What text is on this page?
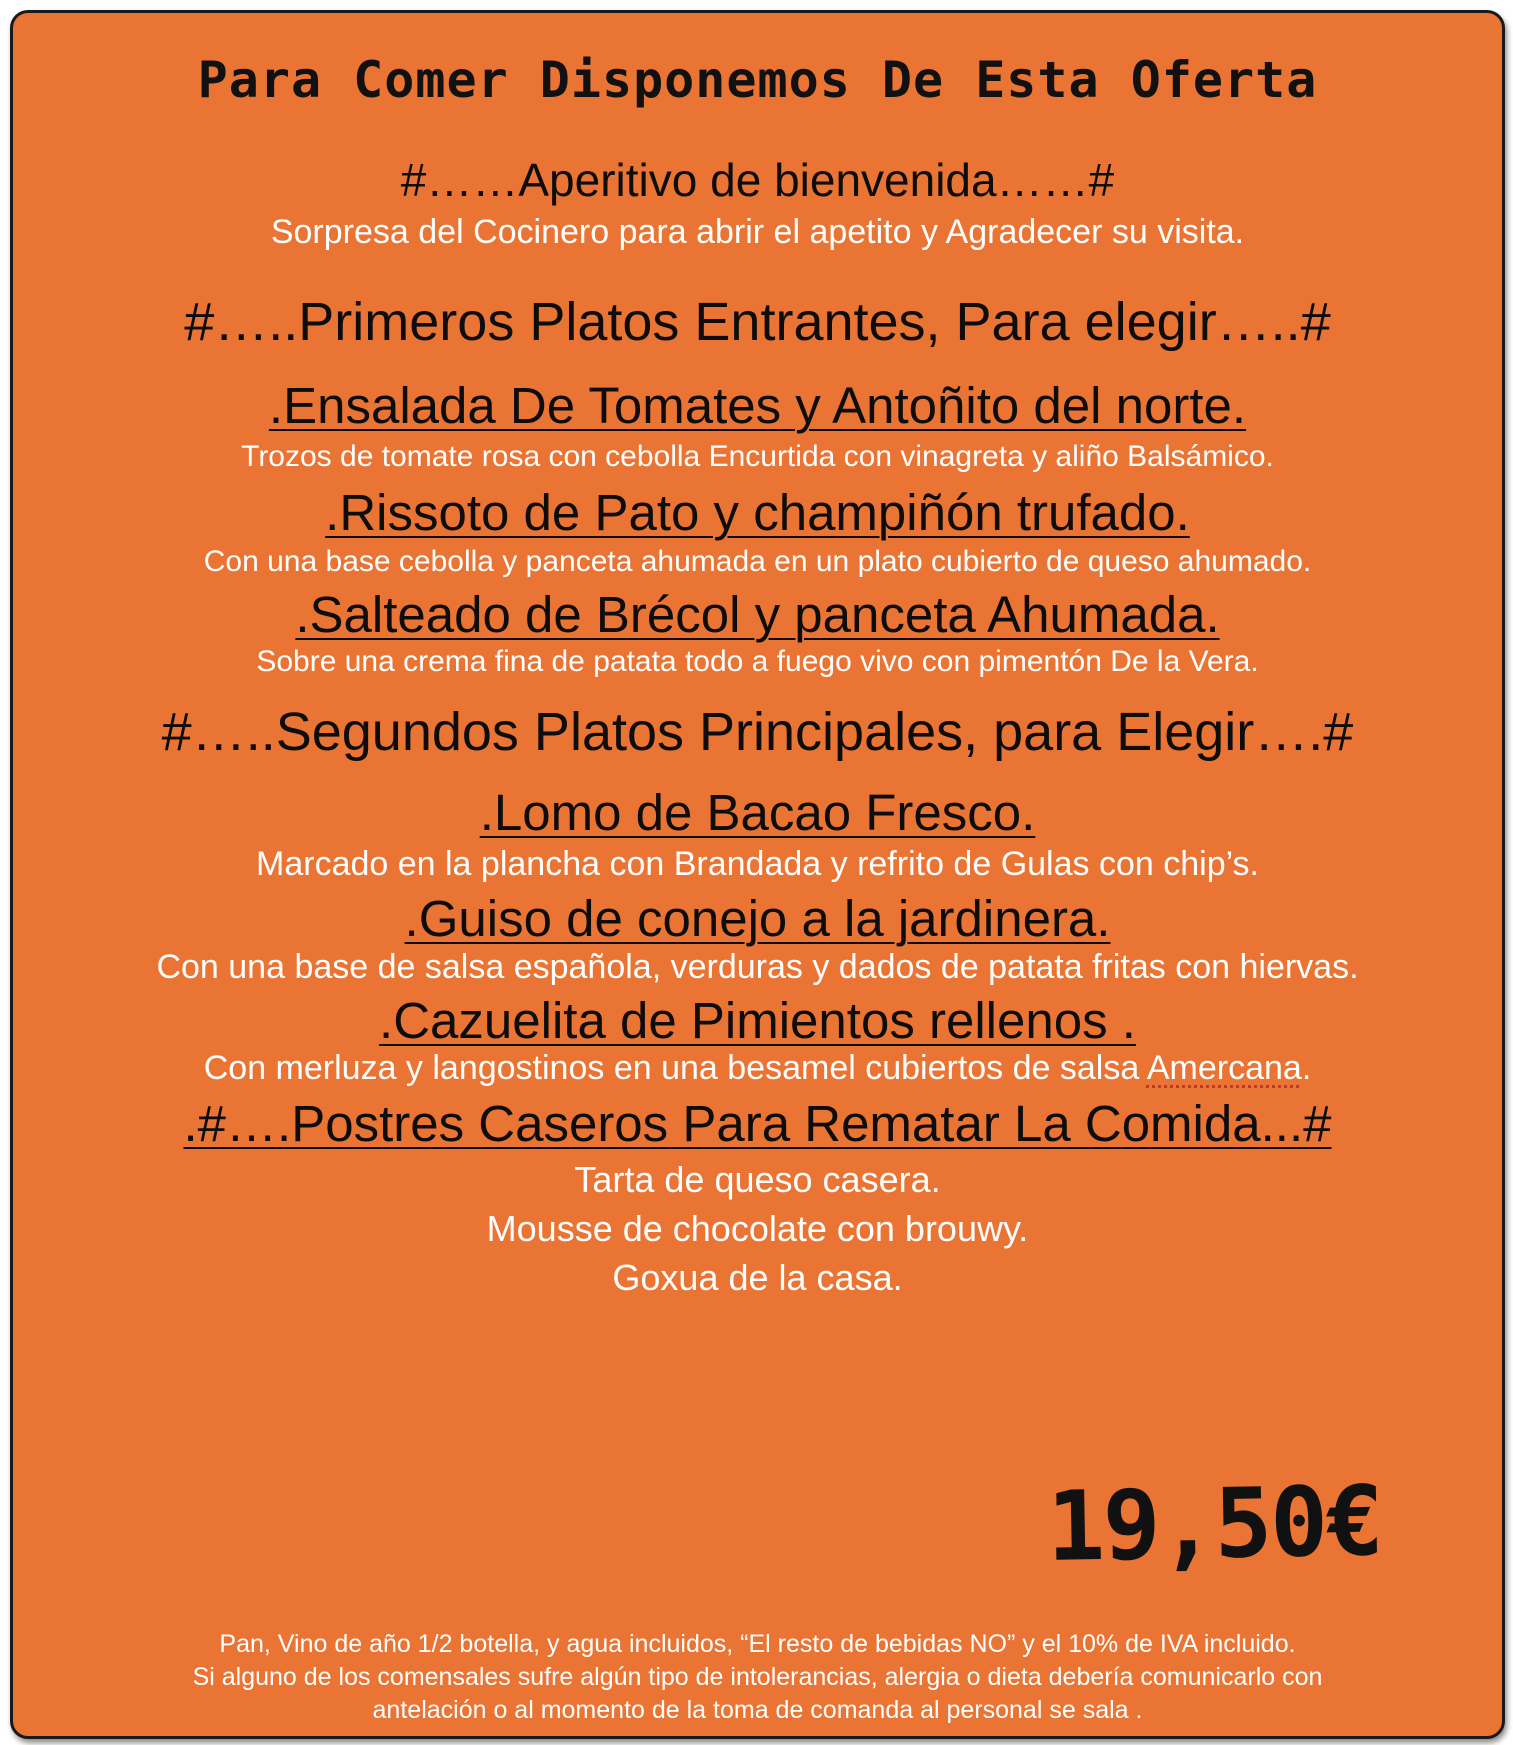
Para Comer Disponemos De Esta Oferta
#……Aperitivo de bienvenida……#
Sorpresa del Cocinero para abrir el apetito y Agradecer su visita.
#…..Primeros Platos Entrantes, Para elegir…..#
.Ensalada De Tomates y Antoñito del norte.
Trozos de tomate rosa con cebolla Encurtida con vinagreta y aliño Balsámico.
.Rissoto de Pato y champiñón trufado.
Con una base cebolla y panceta ahumada en un plato cubierto de queso ahumado.
.Salteado de Brécol y panceta Ahumada.
Sobre una crema fina de patata todo a fuego vivo con pimentón De la Vera.
#…..Segundos Platos Principales, para Elegir….#
.Lomo de Bacao Fresco.
Marcado en la plancha con Brandada y refrito de Gulas con chip’s.
.Guiso de conejo a la jardinera.
Con una base de salsa española, verduras y dados de patata fritas con hiervas.
.Cazuelita de Pimientos rellenos .
Con merluza y langostinos en una besamel cubiertos de salsa Amercana.
.#….Postres Caseros Para Rematar La Comida...#
Tarta de queso casera.
Mousse de chocolate con brouwy.
Goxua de la casa.
19,50€
Pan, Vino de año 1/2 botella, y agua incluidos, “El resto de bebidas NO” y el 10% de IVA incluido.
Si alguno de los comensales sufre algún tipo de intolerancias, alergia o dieta debería comunicarlo con
antelación o al momento de la toma de comanda al personal se sala .
